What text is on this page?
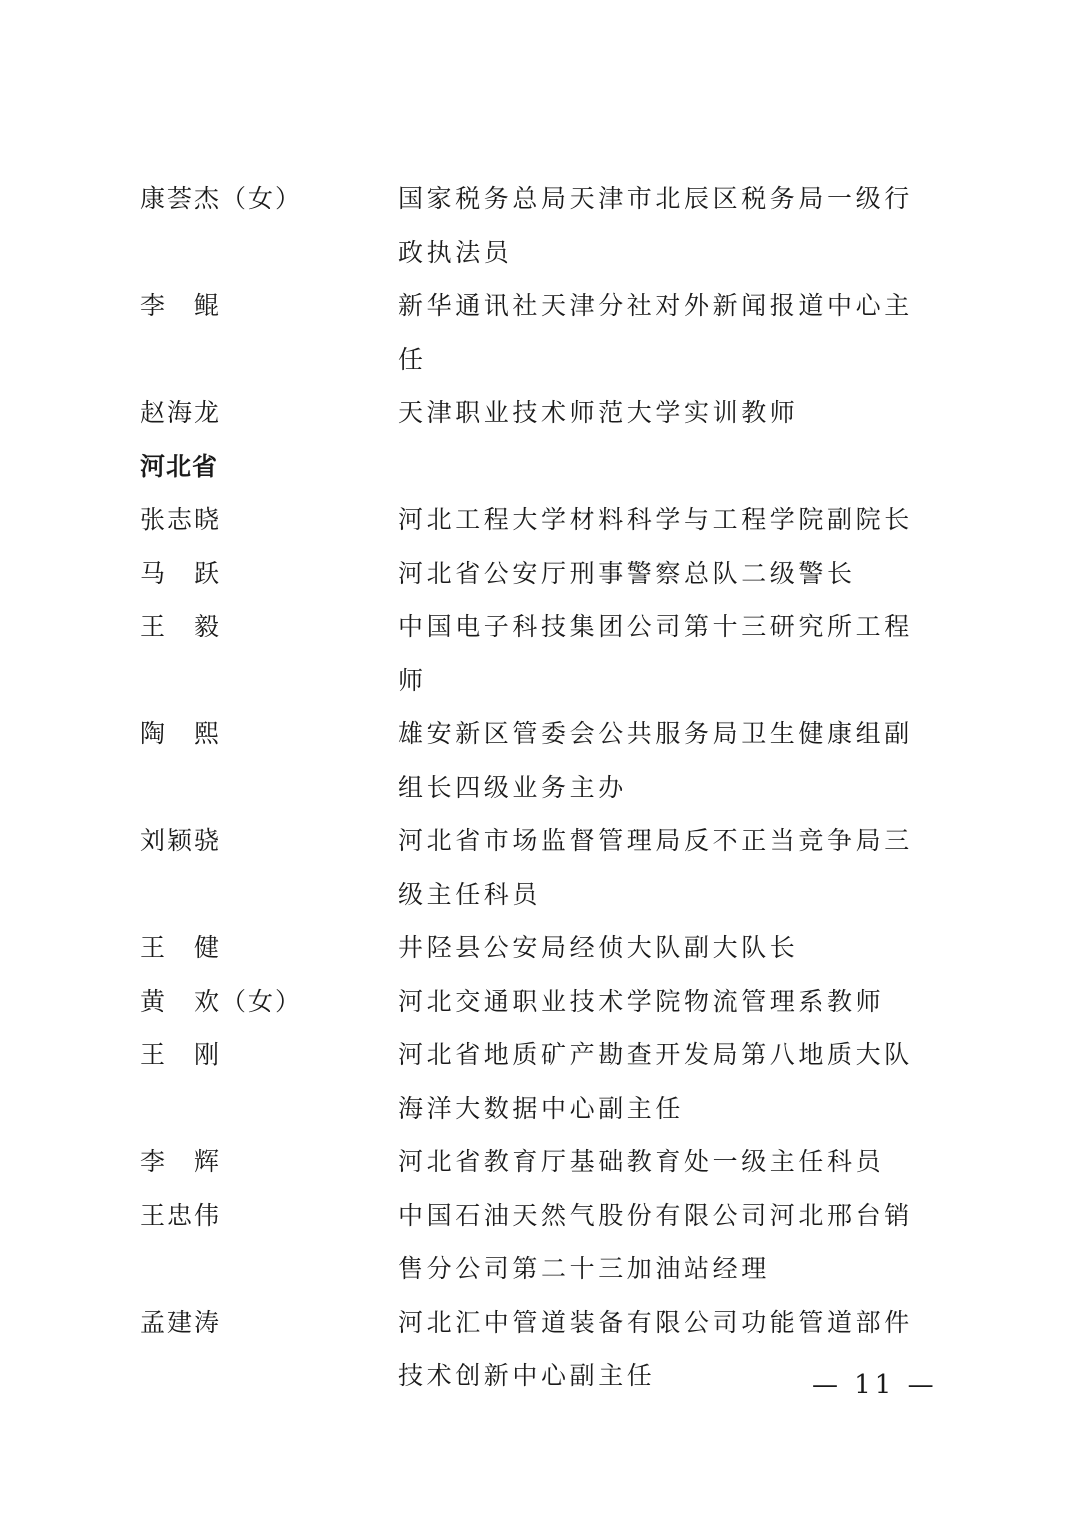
康荟杰（女）	国家税务总局天津市北辰区税务局一级行政执法员
李　鲲	新华通讯社天津分社对外新闻报道中心主任
赵海龙	天津职业技术师范大学实训教师
河北省
张志晓	河北工程大学材料科学与工程学院副院长
马　跃	河北省公安厅刑事警察总队二级警长
王　毅	中国电子科技集团公司第十三研究所工程师
陶　熙	雄安新区管委会公共服务局卫生健康组副组长四级业务主办
刘颖骁	河北省市场监督管理局反不正当竞争局三级主任科员
王　健	井陉县公安局经侦大队副大队长
黄　欢（女）	河北交通职业技术学院物流管理系教师
王　刚	河北省地质矿产勘查开发局第八地质大队海洋大数据中心副主任
李　辉	河北省教育厅基础教育处一级主任科员
王忠伟	中国石油天然气股份有限公司河北邢台销售分公司第二十三加油站经理
孟建涛	河北汇中管道装备有限公司功能管道部件技术创新中心副主任	— 11 —
